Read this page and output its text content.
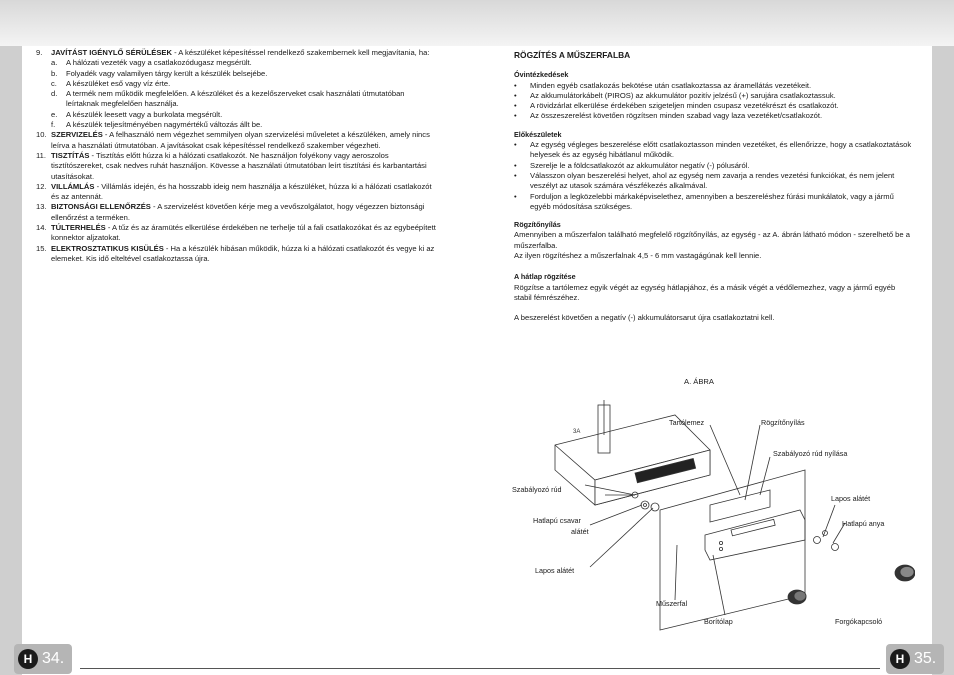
9.	JAVÍTÁST IGÉNYLŐ SÉRÜLÉSEK - A készüléket képesítéssel rendelkező szakembernek kell megjavítania, ha:
a.	A hálózati vezeték vagy a csatlakozódugasz megsérült.
b.	Folyadék vagy valamilyen tárgy került a készülék belsejébe.
c.	A készüléket eső vagy víz érte.
d.	A termék nem működik megfelelően. A készüléket és a kezelőszerveket csak használati útmutatóban leírtaknak megfelelően használja.
e.	A készülék leesett vagy a burkolata megsérült.
f.	A készülék teljesítményében nagymértékű változás állt be.
10. SZERVIZELÉS - A felhasználó nem végezhet semmilyen olyan szervizelési műveletet a készüléken, amely nincs leírva a használati útmutatóban. A javításokat csak képesítéssel rendelkező szakember végezheti.
11. TISZTÍTÁS - Tisztítás előtt húzza ki a hálózati csatlakozót. Ne használjon folyékony vagy aeroszolos tisztítószereket, csak nedves ruhát használjon. Kövesse a használati útmutatóban leírt tisztítási és karbantartási utasításokat.
12. VILLÁMLÁS - Villámlás idején, és ha hosszabb ideig nem használja a készüléket, húzza ki a hálózati csatlakozót és az antennát.
13. BIZTONSÁGI ELLENŐRZÉS - A szervizelést követően kérje meg a vevőszolgálatot, hogy végezzen biztonsági ellenőrzést a terméken.
14. TÚLTERHELÉS - A tűz és az áramütés elkerülése érdekében ne terhelje túl a fali csatlakozókat és az egybeépített konnektor aljzatokat.
15. ELEKTROSZTATIKUS KISÜLÉS - Ha a készülék hibásan működik, húzza ki a hálózati csatlakozót és vegye ki az elemeket. Kis idő elteltével csatlakoztassa újra.
RÖGZÍTÉS A MŰSZERFALBA
Óvintézkedések
•	Minden egyéb csatlakozás bekötése után csatlakoztassa az áramellátás vezetékeit.
•	Az akkumulátorkábelt (PIROS) az akkumulátor pozitív jelzésű (+) sarujára csatlakoztassuk.
•	A rövidzárlat elkerülése érdekében szigeteljen minden csupasz vezetékrészt és csatlakozót.
•	Az összeszerelést követően rögzítsen minden szabad vagy laza vezetéket/csatlakozót.
Előkészületek
•	Az egység végleges beszerelése előtt csatlakoztasson minden vezetéket, és ellenőrizze, hogy a csatlakoztatások helyesek és az egység hibátlanul működik.
•	Szerelje le a földcsatlakozót az akkumulátor negatív (-) pólusáról.
•	Válasszon olyan beszerelési helyet, ahol az egység nem zavarja a rendes vezetési funkciókat, és nem jelent veszélyt az utasok számára vészfékezés alkalmával.
•	Forduljon a legközelebbi márkaképviselethez, amennyiben a beszereléshez fúrási munkálatok, vagy a jármű egyéb módosítása szükséges.
Rögzítőnyílás

Amennyiben a műszerfalon található megfelelő rögzítőnyílás, az egység - az A. ábrán látható módon - szerelhető be a műszerfalba.

Az ilyen rögzítéshez a műszerfalnak 4,5 - 6 mm vastagágúnak kell lennie.

A hátlap rögzítése

Rögzítse a tartólemez egyik végét az egység hátlapjához, és a másik végét a védőlemezhez, vagy a jármű egyéb stabil fémrészéhez.

A beszerelést követően a negatív (-) akkumulátorsarut újra csatlakoztatni kell.

A. ÁBRA
3A
Tartólemez	Rögzítőnyílás
Szabályozó rúd nyílása
Szabályozó rúd
Lapos alátét
Hatlapú csavar
alátét
Hatlapú anya
Lapos alátét
Műszerfal
Borítólap	Forgókapcsoló
H 34.	H 35.
